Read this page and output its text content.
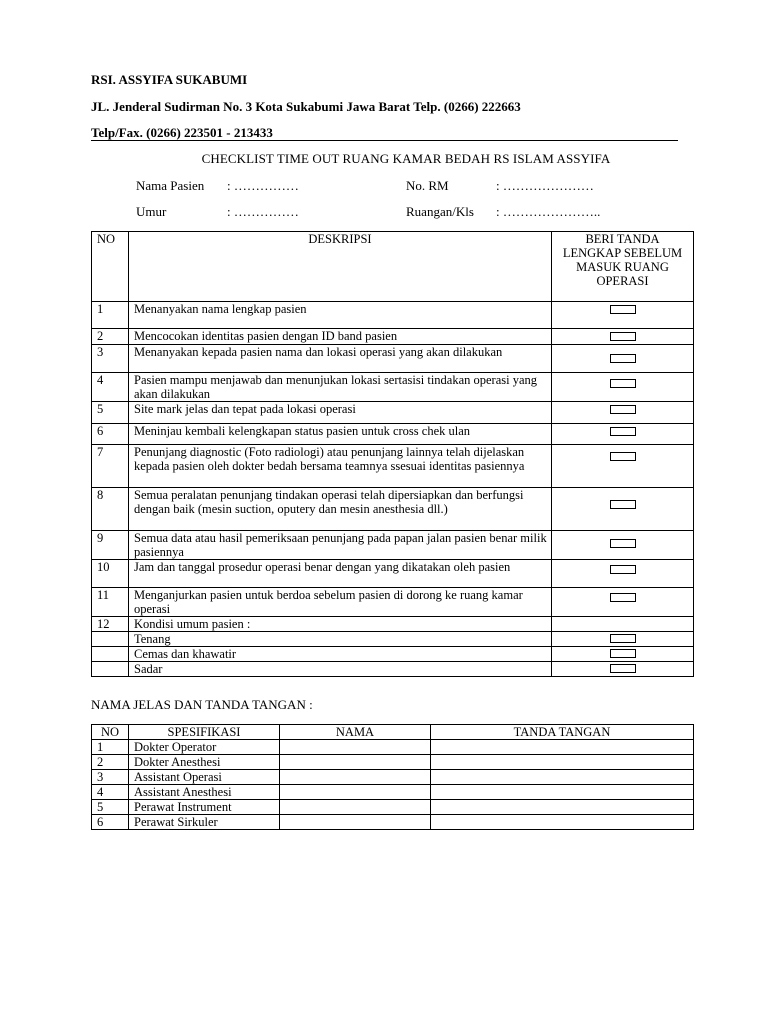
RSI. ASSYIFA SUKABUMI
JL. Jenderal Sudirman No. 3 Kota Sukabumi Jawa Barat Telp. (0266) 222663
Telp/Fax. (0266) 223501 - 213433
CHECKLIST TIME OUT RUANG KAMAR BEDAH RS ISLAM ASSYIFA
Nama Pasien : ……………	No. RM	: …………………
Umur	: ……………	Ruangan/Kls : …………………..
NO	DESKRIPSI	BERI TANDA LENGKAP SEBELUM MASUK RUANG OPERASI
1	Menanyakan nama lengkap pasien	
2	Mencocokan identitas pasien dengan ID band pasien	
3	Menanyakan kepada pasien nama dan lokasi operasi yang akan dilakukan	
4	Pasien mampu menjawab dan menunjukan lokasi sertasisi tindakan operasi yang akan dilakukan	
5	Site mark jelas dan tepat pada lokasi operasi	
6	Meninjau kembali kelengkapan status pasien untuk cross chek ulan	
7	Penunjang diagnostic (Foto radiologi) atau penunjang lainnya telah dijelaskan kepada pasien oleh dokter bedah bersama teamnya ssesuai identitas pasiennya	
8	Semua peralatan penunjang tindakan operasi telah dipersiapkan dan berfungsi dengan baik (mesin suction, oputery dan mesin anesthesia dll.)	
9	Semua data atau hasil pemeriksaan penunjang pada papan jalan pasien benar milik pasiennya	
10	Jam dan tanggal prosedur operasi benar dengan yang dikatakan oleh pasien	
11	Menganjurkan pasien untuk berdoa sebelum pasien di dorong ke ruang kamar operasi	
12	Kondisi umum pasien :	
	Tenang	
	Cemas dan khawatir	
	Sadar	
NAMA JELAS DAN TANDA TANGAN :
NO	SPESIFIKASI	NAMA	TANDA TANGAN
1	Dokter Operator		
2	Dokter Anesthesi		
3	Assistant Operasi		
4	Assistant Anesthesi		
5	Perawat Instrument		
6	Perawat Sirkuler		
